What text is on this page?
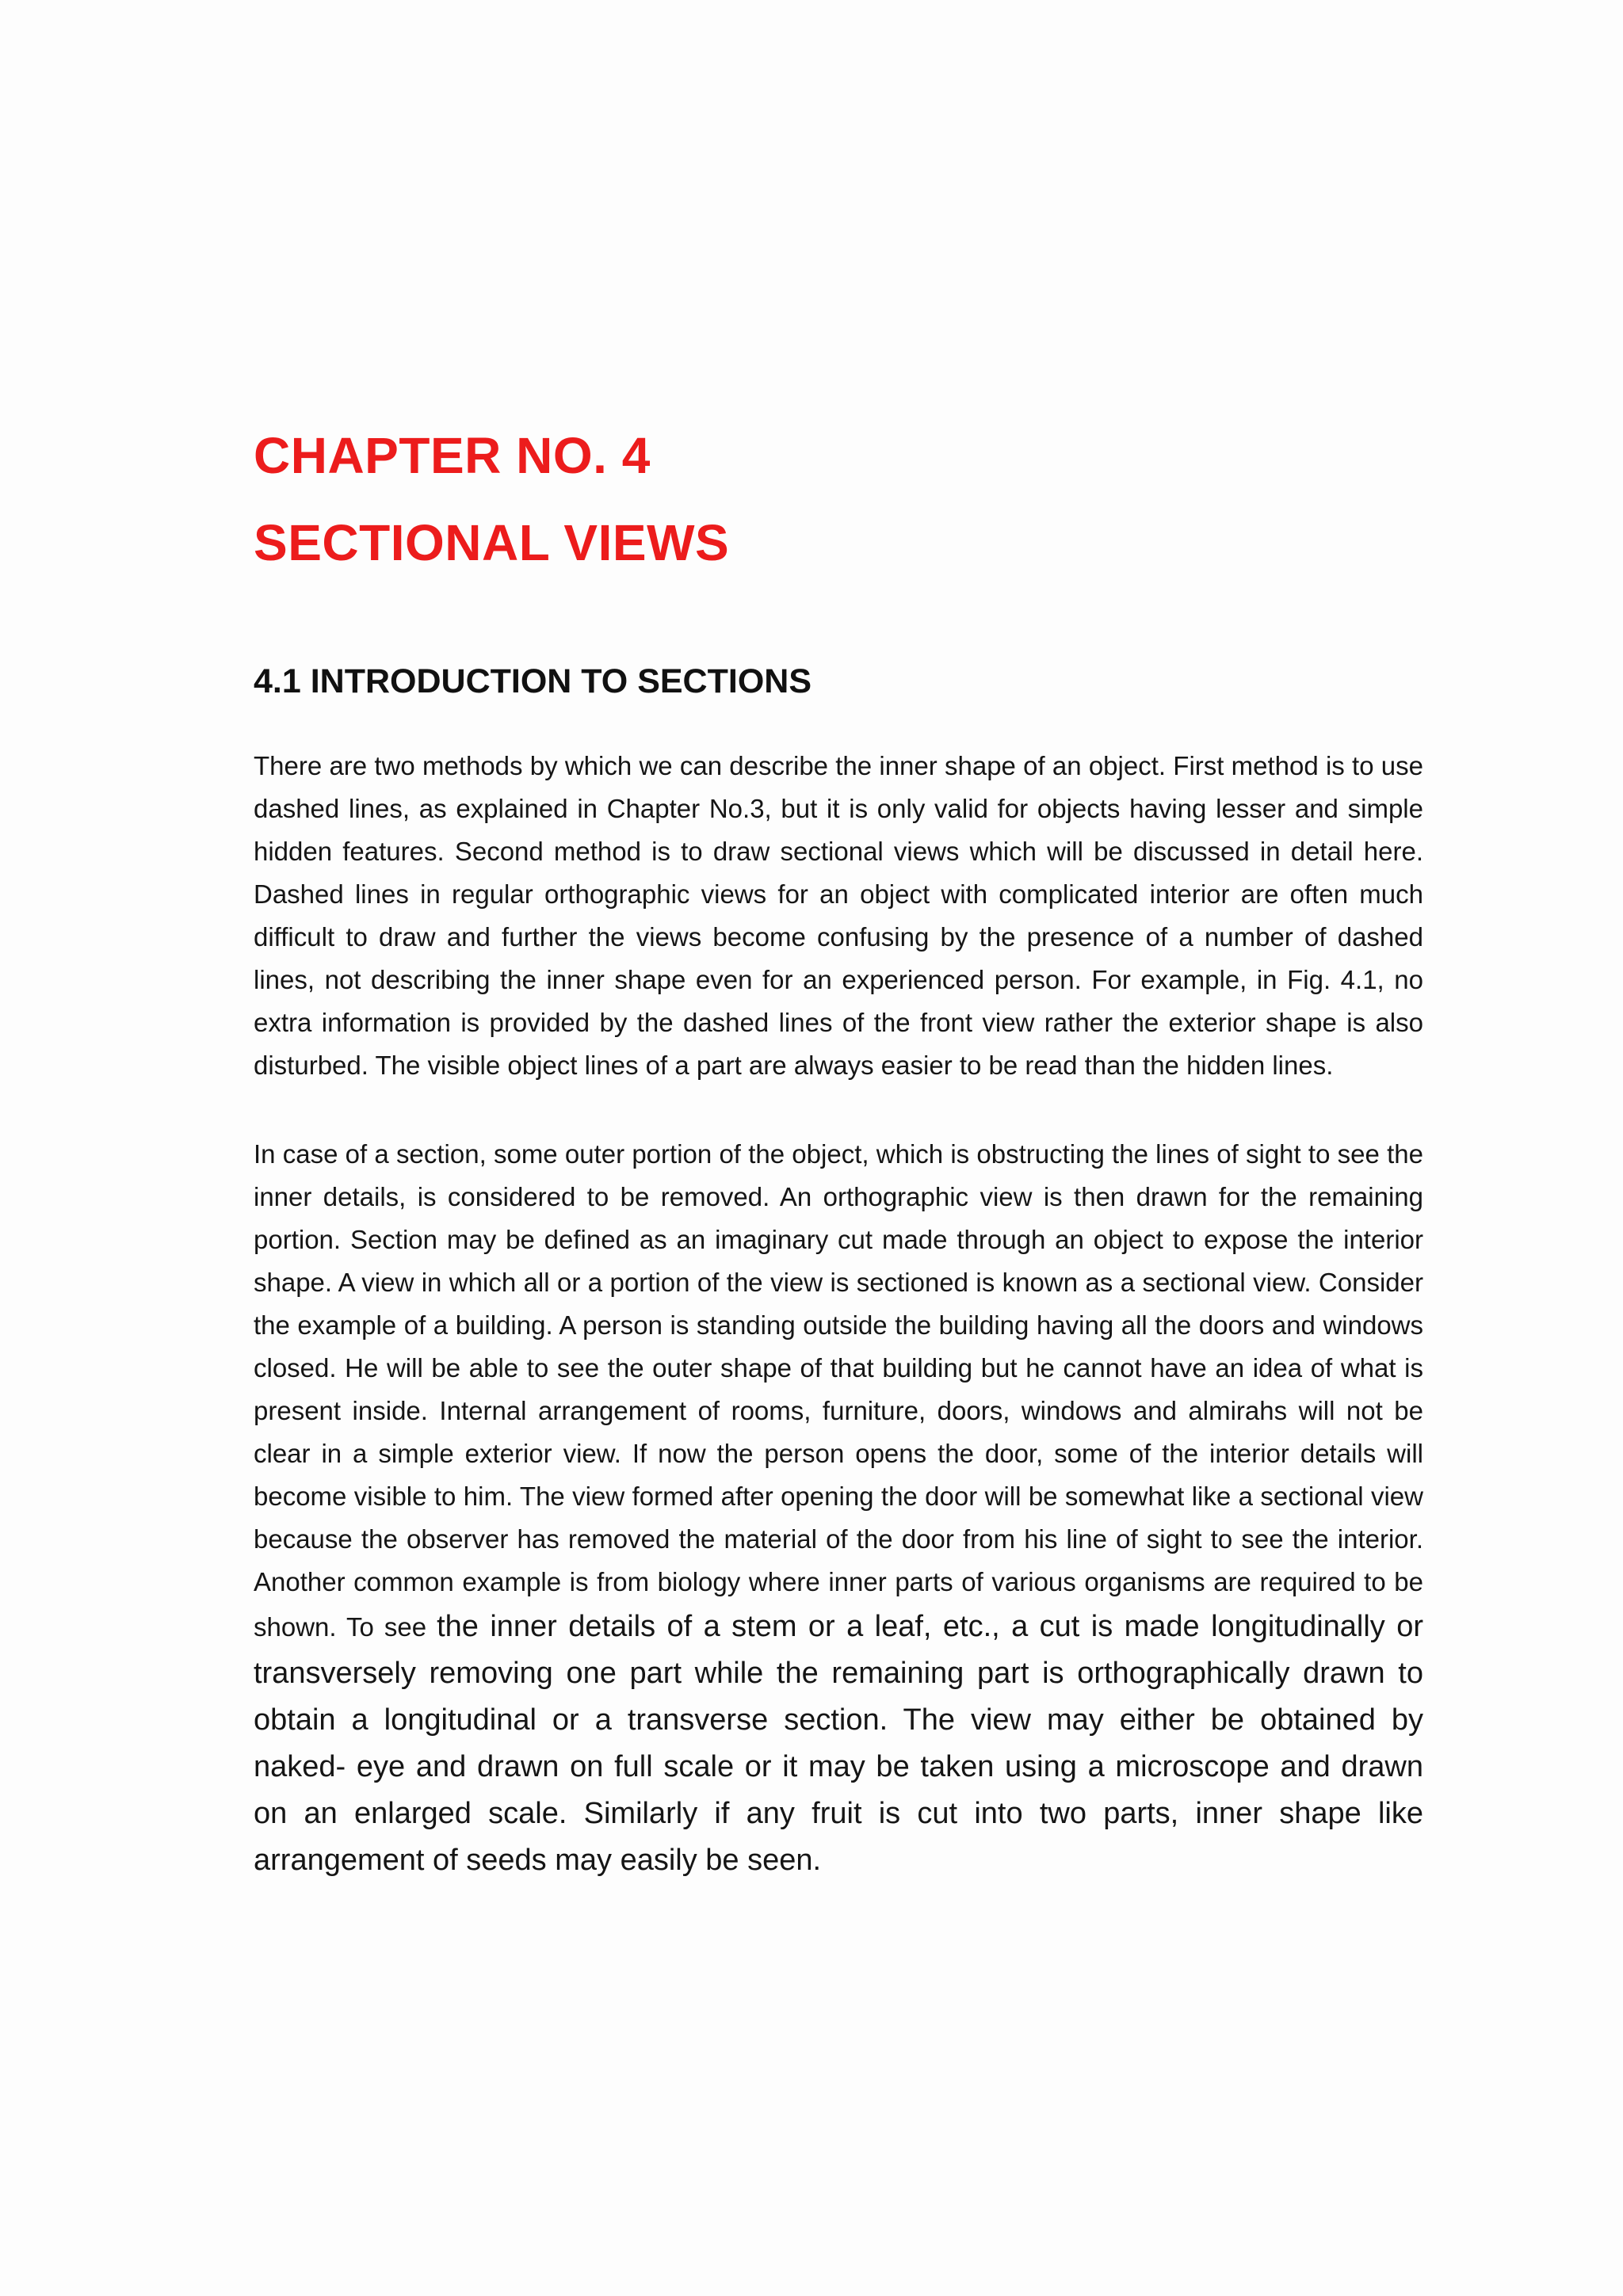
CHAPTER NO. 4
SECTIONAL VIEWS
4.1 INTRODUCTION TO SECTIONS

There are two methods by which we can describe the inner shape of an object. First method is to use dashed lines, as explained in Chapter No.3, but it is only valid for objects having lesser and simple hidden features. Second method is to draw sectional views which will be discussed in detail here. Dashed lines in regular orthographic views for an object with complicated interior are often much difficult to draw and further the views become confusing by the presence of a number of dashed lines, not describing the inner shape even for an experienced person. For example, in Fig. 4.1, no extra information is provided by the dashed lines of the front view rather the exterior shape is also disturbed. The visible object lines of a part are always easier to be read than the hidden lines.

In case of a section, some outer portion of the object, which is obstructing the lines of sight to see the inner details, is considered to be removed. An orthographic view is then drawn for the remaining portion. Section may be defined as an imaginary cut made through an object to expose the interior shape. A view in which all or a portion of the view is sectioned is known as a sectional view. Consider the example of a building. A person is standing outside the building having all the doors and windows closed. He will be able to see the outer shape of that building but he cannot have an idea of what is present inside. Internal arrangement of rooms, furniture, doors, windows and almirahs will not be clear in a simple exterior view. If now the person opens the door, some of the interior details will become visible to him. The view formed after opening the door will be somewhat like a sectional view because the observer has removed the material of the door from his line of sight to see the interior. Another common example is from biology where inner parts of various organisms are required to be shown. To see the inner details of a stem or a leaf, etc., a cut is made longitudinally or transversely removing one part while the remaining part is orthographically drawn to obtain a longitudinal or a transverse section. The view may either be obtained by naked- eye and drawn on full scale or it may be taken using a microscope and drawn on an enlarged scale. Similarly if any fruit is cut into two parts, inner shape like arrangement of seeds may easily be seen.
